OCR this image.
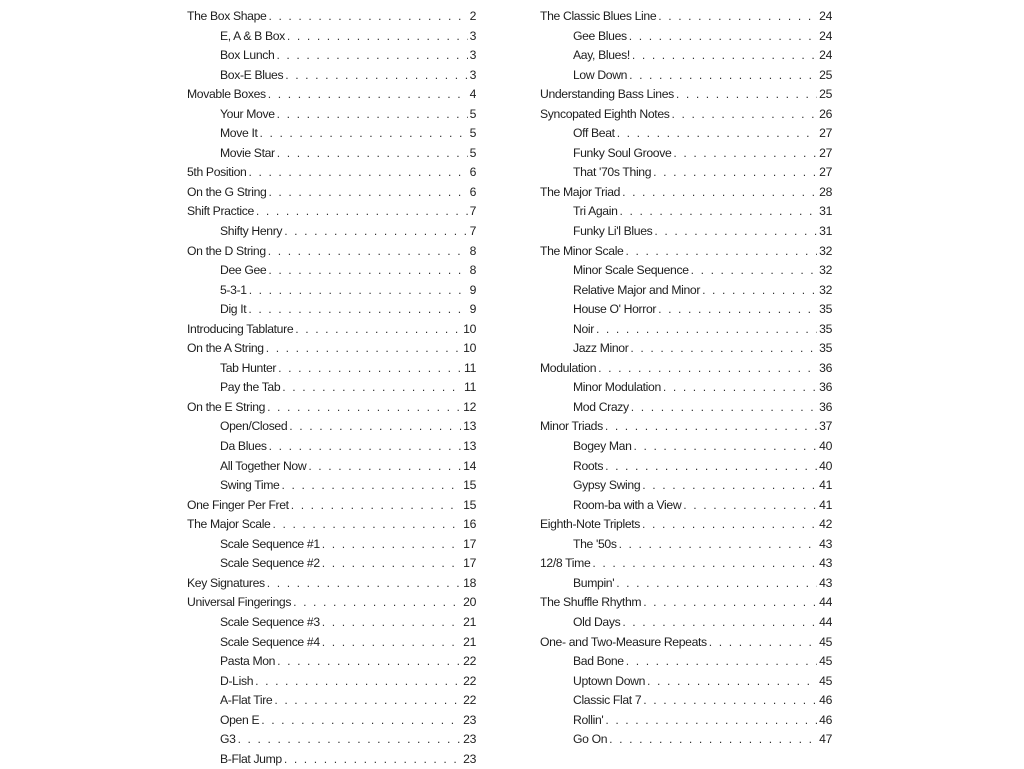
The Box Shape . . .	2
E, A & B Box . . .	3
Box Lunch . . .	3
Box-E Blues . . .	3
Movable Boxes . . .	4
Your Move . . .	5
Move It . . .	5
Movie Star . . .	5
5th Position . . .	6
On the G String . . .	6
Shift Practice . . .	7
Shifty Henry . . .	7
On the D String . . .	8
Dee Gee . . .	8
5-3-1 . . .	9
Dig It . . .	9
Introducing Tablature . . .	10
On the A String . . .	10
Tab Hunter . . .	11
Pay the Tab . . .	11
On the E String . . .	12
Open/Closed . . .	13
Da Blues . . .	13
All Together Now . . .	14
Swing Time . . .	15
One Finger Per Fret . . .	15
The Major Scale . . .	16
Scale Sequence #1 . . .	17
Scale Sequence #2 . . .	17
Key Signatures . . .	18
Universal Fingerings . . .	20
Scale Sequence #3 . . .	21
Scale Sequence #4 . . .	21
Pasta Mon . . .	22
D-Lish . . .	22
A-Flat Tire . . .	22
Open E . . .	23
G3 . . .	23
B-Flat Jump . . .	23
The Classic Blues Line . . .	24
Gee Blues . . .	24
Aay, Blues! . . .	24
Low Down . . .	25
Understanding Bass Lines . . .	25
Syncopated Eighth Notes . . .	26
Off Beat . . .	27
Funky Soul Groove . . .	27
That '70s Thing . . .	27
The Major Triad . . .	28
Tri Again . . .	31
Funky Li'l Blues . . .	31
The Minor Scale . . .	32
Minor Scale Sequence . . .	32
Relative Major and Minor . . .	32
House O' Horror . . .	35
Noir . . .	35
Jazz Minor . . .	35
Modulation . . .	36
Minor Modulation . . .	36
Mod Crazy . . .	36
Minor Triads . . .	37
Bogey Man . . .	40
Roots . . .	40
Gypsy Swing . . .	41
Room-ba with a View . . .	41
Eighth-Note Triplets . . .	42
The '50s . . .	43
12/8 Time . . .	43
Bumpin' . . .	43
The Shuffle Rhythm . . .	44
Old Days . . .	44
One- and Two-Measure Repeats . . .	45
Bad Bone . . .	45
Uptown Down . . .	45
Classic Flat 7 . . .	46
Rollin' . . .	46
Go On . . .	47
